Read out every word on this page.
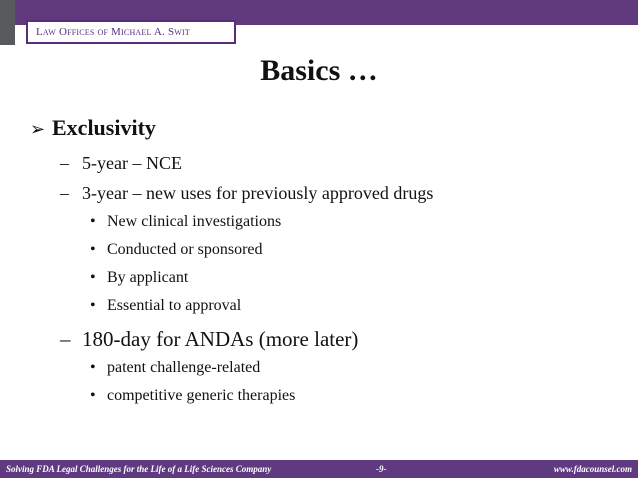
Law Offices of Michael A. Swit
Basics …
➢ Exclusivity
– 5-year – NCE
– 3-year – new uses for previously approved drugs
• New clinical investigations
• Conducted or sponsored
• By applicant
• Essential to approval
– 180-day for ANDAs (more later)
• patent challenge-related
• competitive generic therapies
Solving FDA Legal Challenges for the Life of a Life Sciences Company	-9-	www.fdacounsel.com
